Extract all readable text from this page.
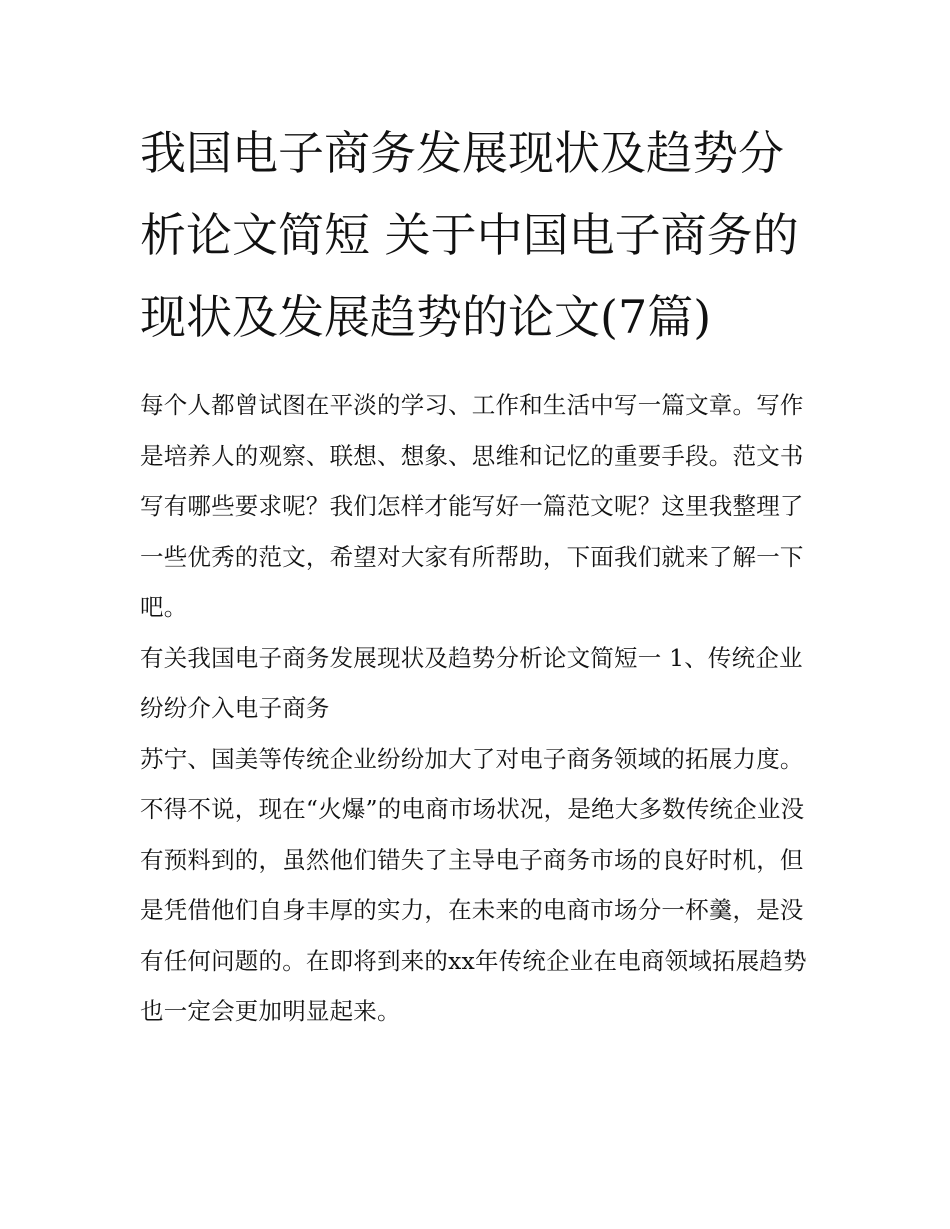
我国电子商务发展现状及趋势分析论文简短 关于中国电子商务的现状及发展趋势的论文(7篇)

每个人都曾试图在平淡的学习、工作和生活中写一篇文章。写作是培养人的观察、联想、想象、思维和记忆的重要手段。范文书写有哪些要求呢？我们怎样才能写好一篇范文呢？这里我整理了一些优秀的范文，希望对大家有所帮助，下面我们就来了解一下吧。

有关我国电子商务发展现状及趋势分析论文简短一 1、传统企业纷纷介入电子商务

苏宁、国美等传统企业纷纷加大了对电子商务领域的拓展力度。不得不说，现在“火爆”的电商市场状况，是绝大多数传统企业没有预料到的，虽然他们错失了主导电子商务市场的良好时机，但是凭借他们自身丰厚的实力，在未来的电商市场分一杯羹，是没有任何问题的。在即将到来的xx年传统企业在电商领域拓展趋势也一定会更加明显起来。
